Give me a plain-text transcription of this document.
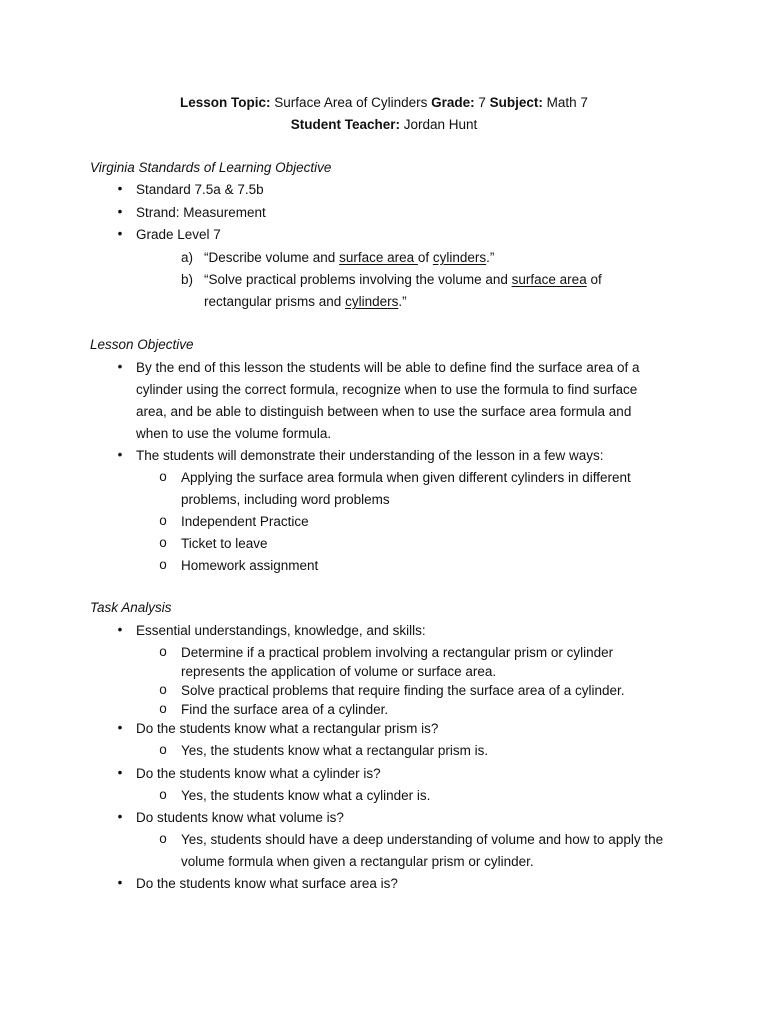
Lesson Topic: Surface Area of Cylinders Grade: 7 Subject: Math 7
Student Teacher: Jordan Hunt
Virginia Standards of Learning Objective
• Standard 7.5a & 7.5b
• Strand: Measurement
• Grade Level 7
a) “Describe volume and surface area of cylinders.”
b) “Solve practical problems involving the volume and surface area of
rectangular prisms and cylinders.”
Lesson Objective
• By the end of this lesson the students will be able to define find the surface area of a
cylinder using the correct formula, recognize when to use the formula to find surface
area, and be able to distinguish between when to use the surface area formula and
when to use the volume formula.
• The students will demonstrate their understanding of the lesson in a few ways:
o Applying the surface area formula when given different cylinders in different
problems, including word problems
o Independent Practice
o Ticket to leave
o Homework assignment
Task Analysis
• Essential understandings, knowledge, and skills:
o Determine if a practical problem involving a rectangular prism or cylinder
represents the application of volume or surface area.
o Solve practical problems that require finding the surface area of a cylinder.
o Find the surface area of a cylinder.
• Do the students know what a rectangular prism is?
o Yes, the students know what a rectangular prism is.
• Do the students know what a cylinder is?
o Yes, the students know what a cylinder is.
• Do students know what volume is?
o Yes, students should have a deep understanding of volume and how to apply the
volume formula when given a rectangular prism or cylinder.
• Do the students know what surface area is?
